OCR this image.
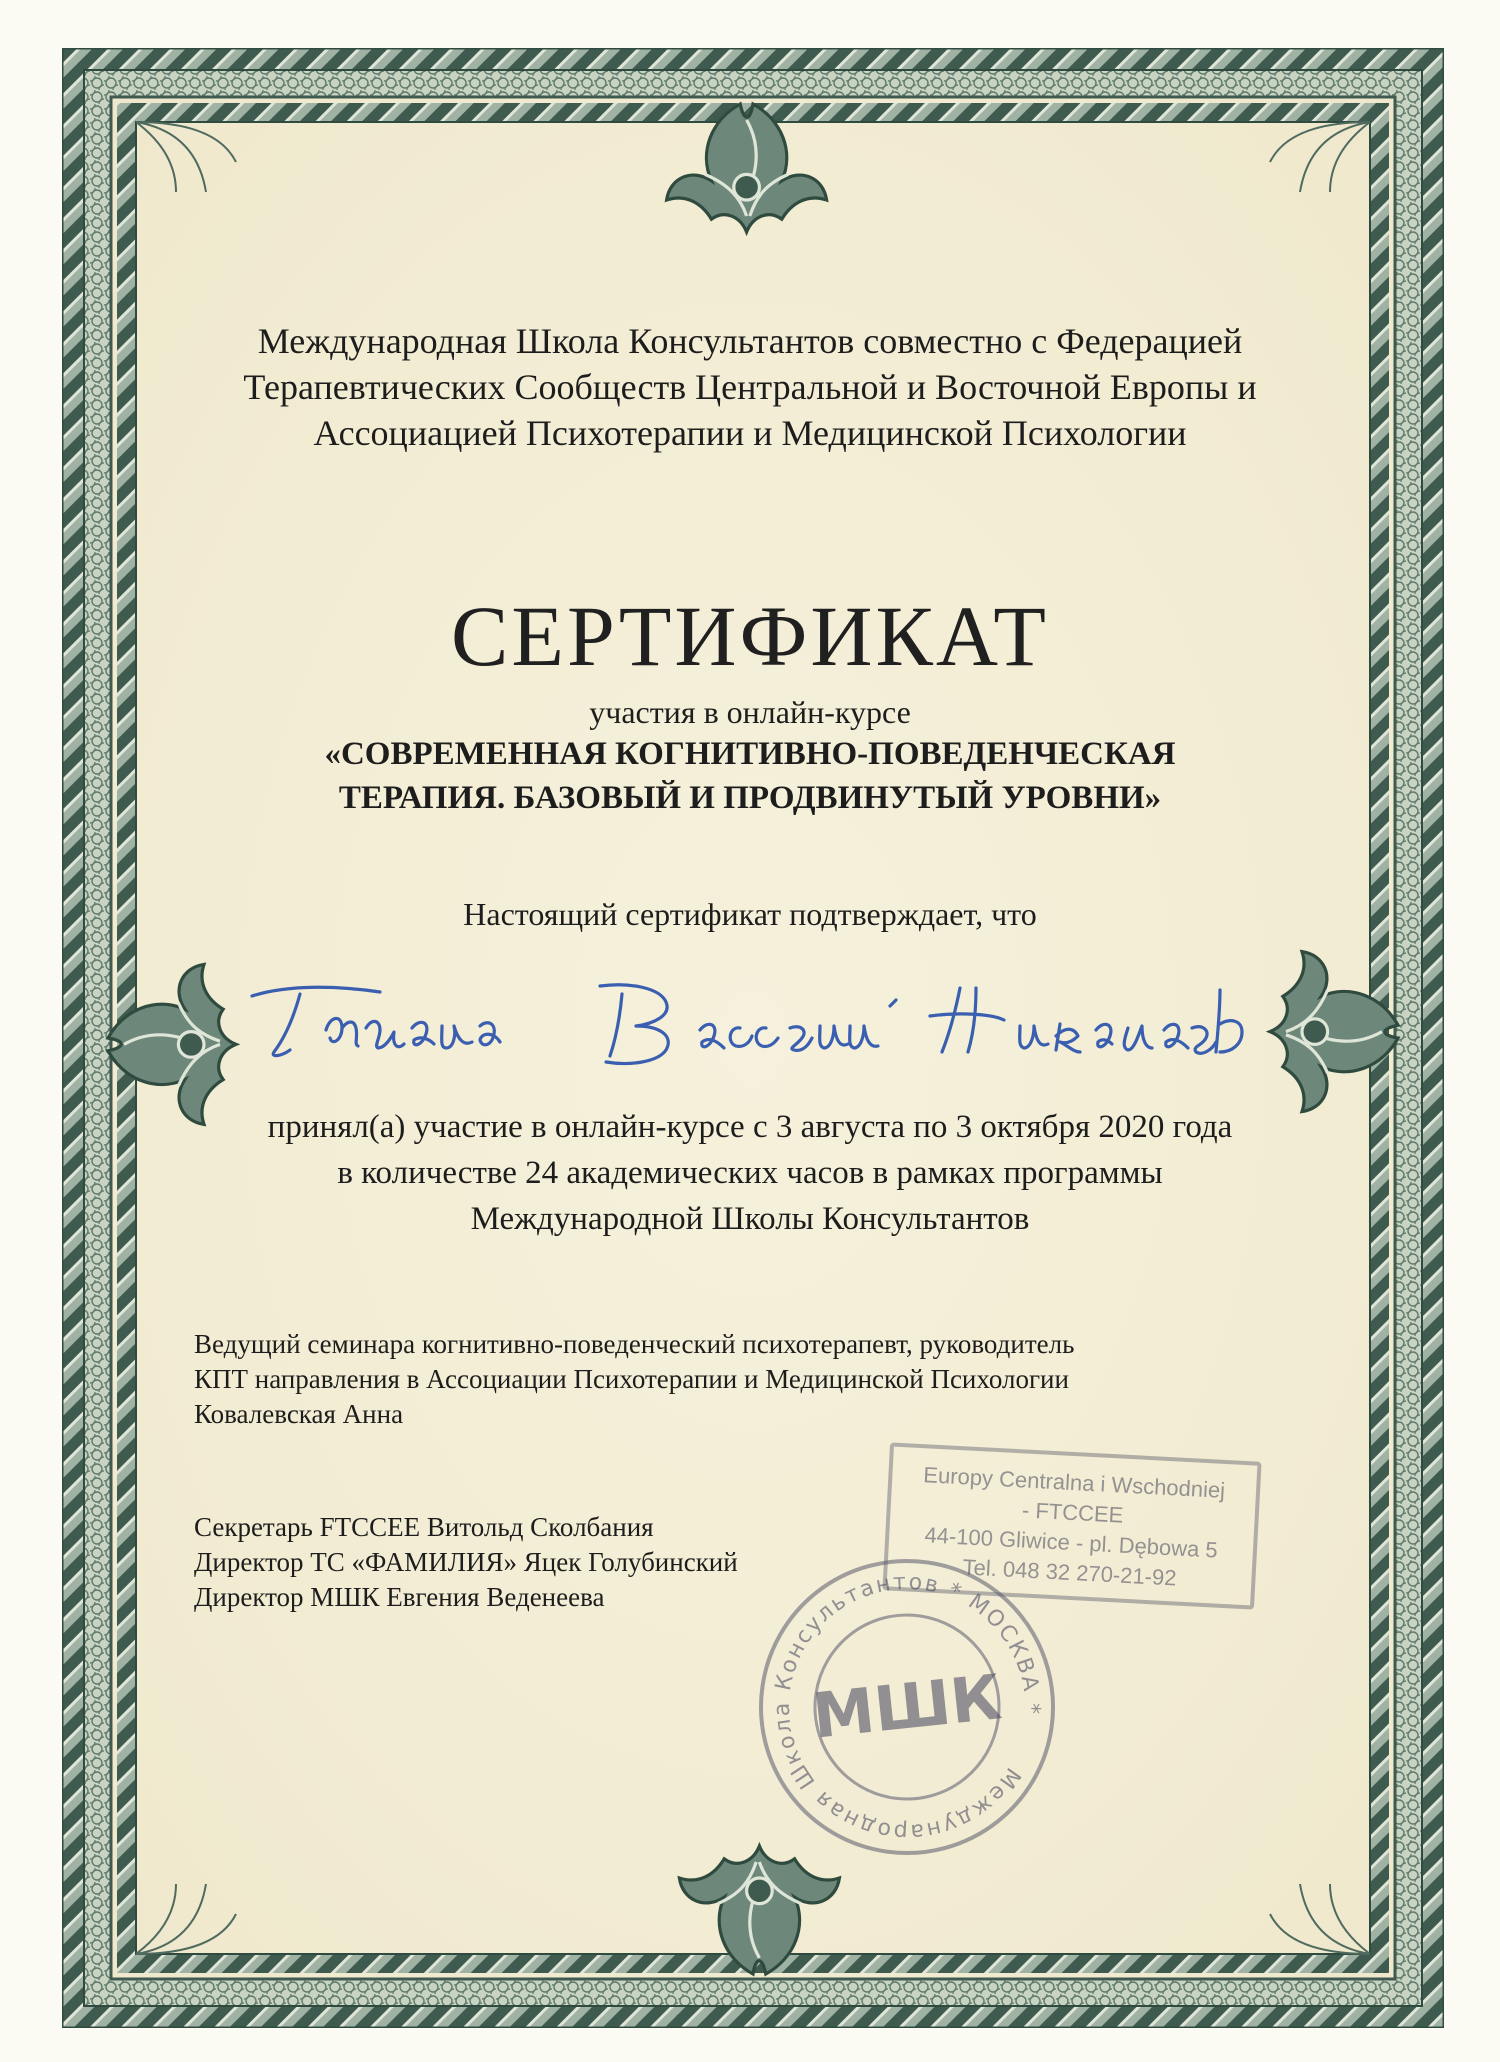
Международная Школа Консультантов совместно с Федерацией
Терапевтических Сообществ Центральной и Восточной Европы и
Ассоциацией Психотерапии и Медицинской Психологии
СЕРТИФИКАТ
участия в онлайн-курсе
«СОВРЕМЕННАЯ КОГНИТИВНО-ПОВЕДЕНЧЕСКАЯ
ТЕРАПИЯ. БАЗОВЫЙ И ПРОДВИНУТЫЙ УРОВНИ»
Настоящий сертификат подтверждает, что
принял(а) участие в онлайн-курсе с 3 августа по 3 октября 2020 года
в количестве 24 академических часов в рамках программы
Международной Школы Консультантов
Ведущий семинара когнитивно-поведенческий психотерапевт, руководитель
КПТ направления в Ассоциации Психотерапии и Медицинской Психологии
Ковалевская Анна
Секретарь FTCCEE Витольд Сколбания
Директор ТС «ФАМИЛИЯ» Яцек Голубинский
Директор МШК Евгения Веденеева
Europy Centralna i Wschodniej
- FTCCEE
44-100 Gliwice - pl. Dębowa 5
Tel. 048 32 270-21-92
Международная Школа Консультантов * МОСКВА *
МШК
